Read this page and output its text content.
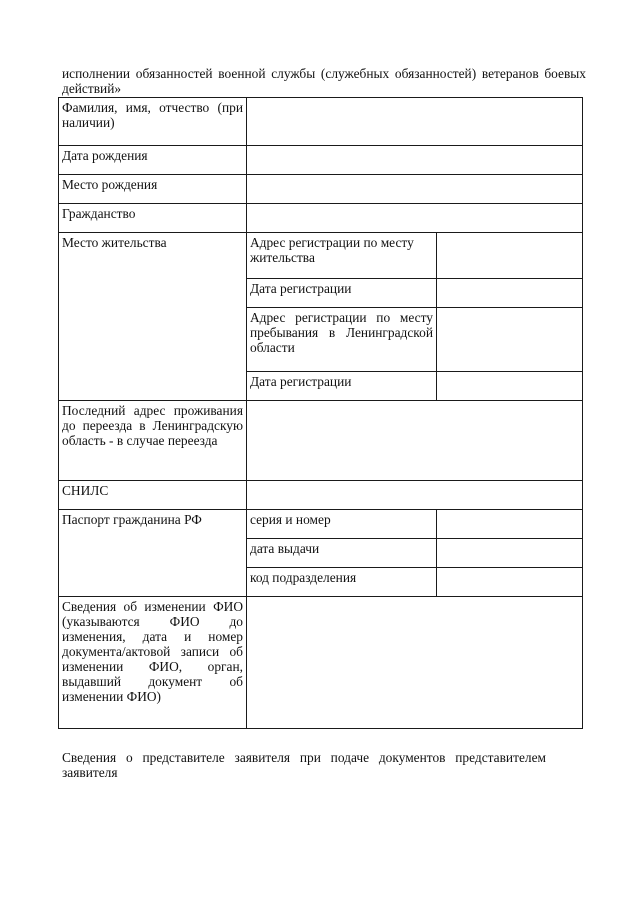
исполнении обязанностей военной службы (служебных обязанностей) ветеранов боевых действий»
Фамилия, имя, отчество (при наличии)		
Дата рождения		
Место рождения		
Гражданство		
Место жительства	Адрес регистрации по месту жительства	
	Дата регистрации	
	Адрес регистрации по месту пребывания в Ленинградской области	
	Дата регистрации	
Последний адрес проживания до переезда в Ленинградскую область - в случае переезда		
СНИЛС		
Паспорт гражданина РФ	серия и номер	
	дата выдачи	
	код подразделения	
Сведения об изменении ФИО (указываются ФИО до изменения, дата и номер документа/актовой записи об изменении ФИО, орган, выдавший документ об изменении ФИО)		
Сведения о представителе заявителя при подаче документов представителем заявителя
